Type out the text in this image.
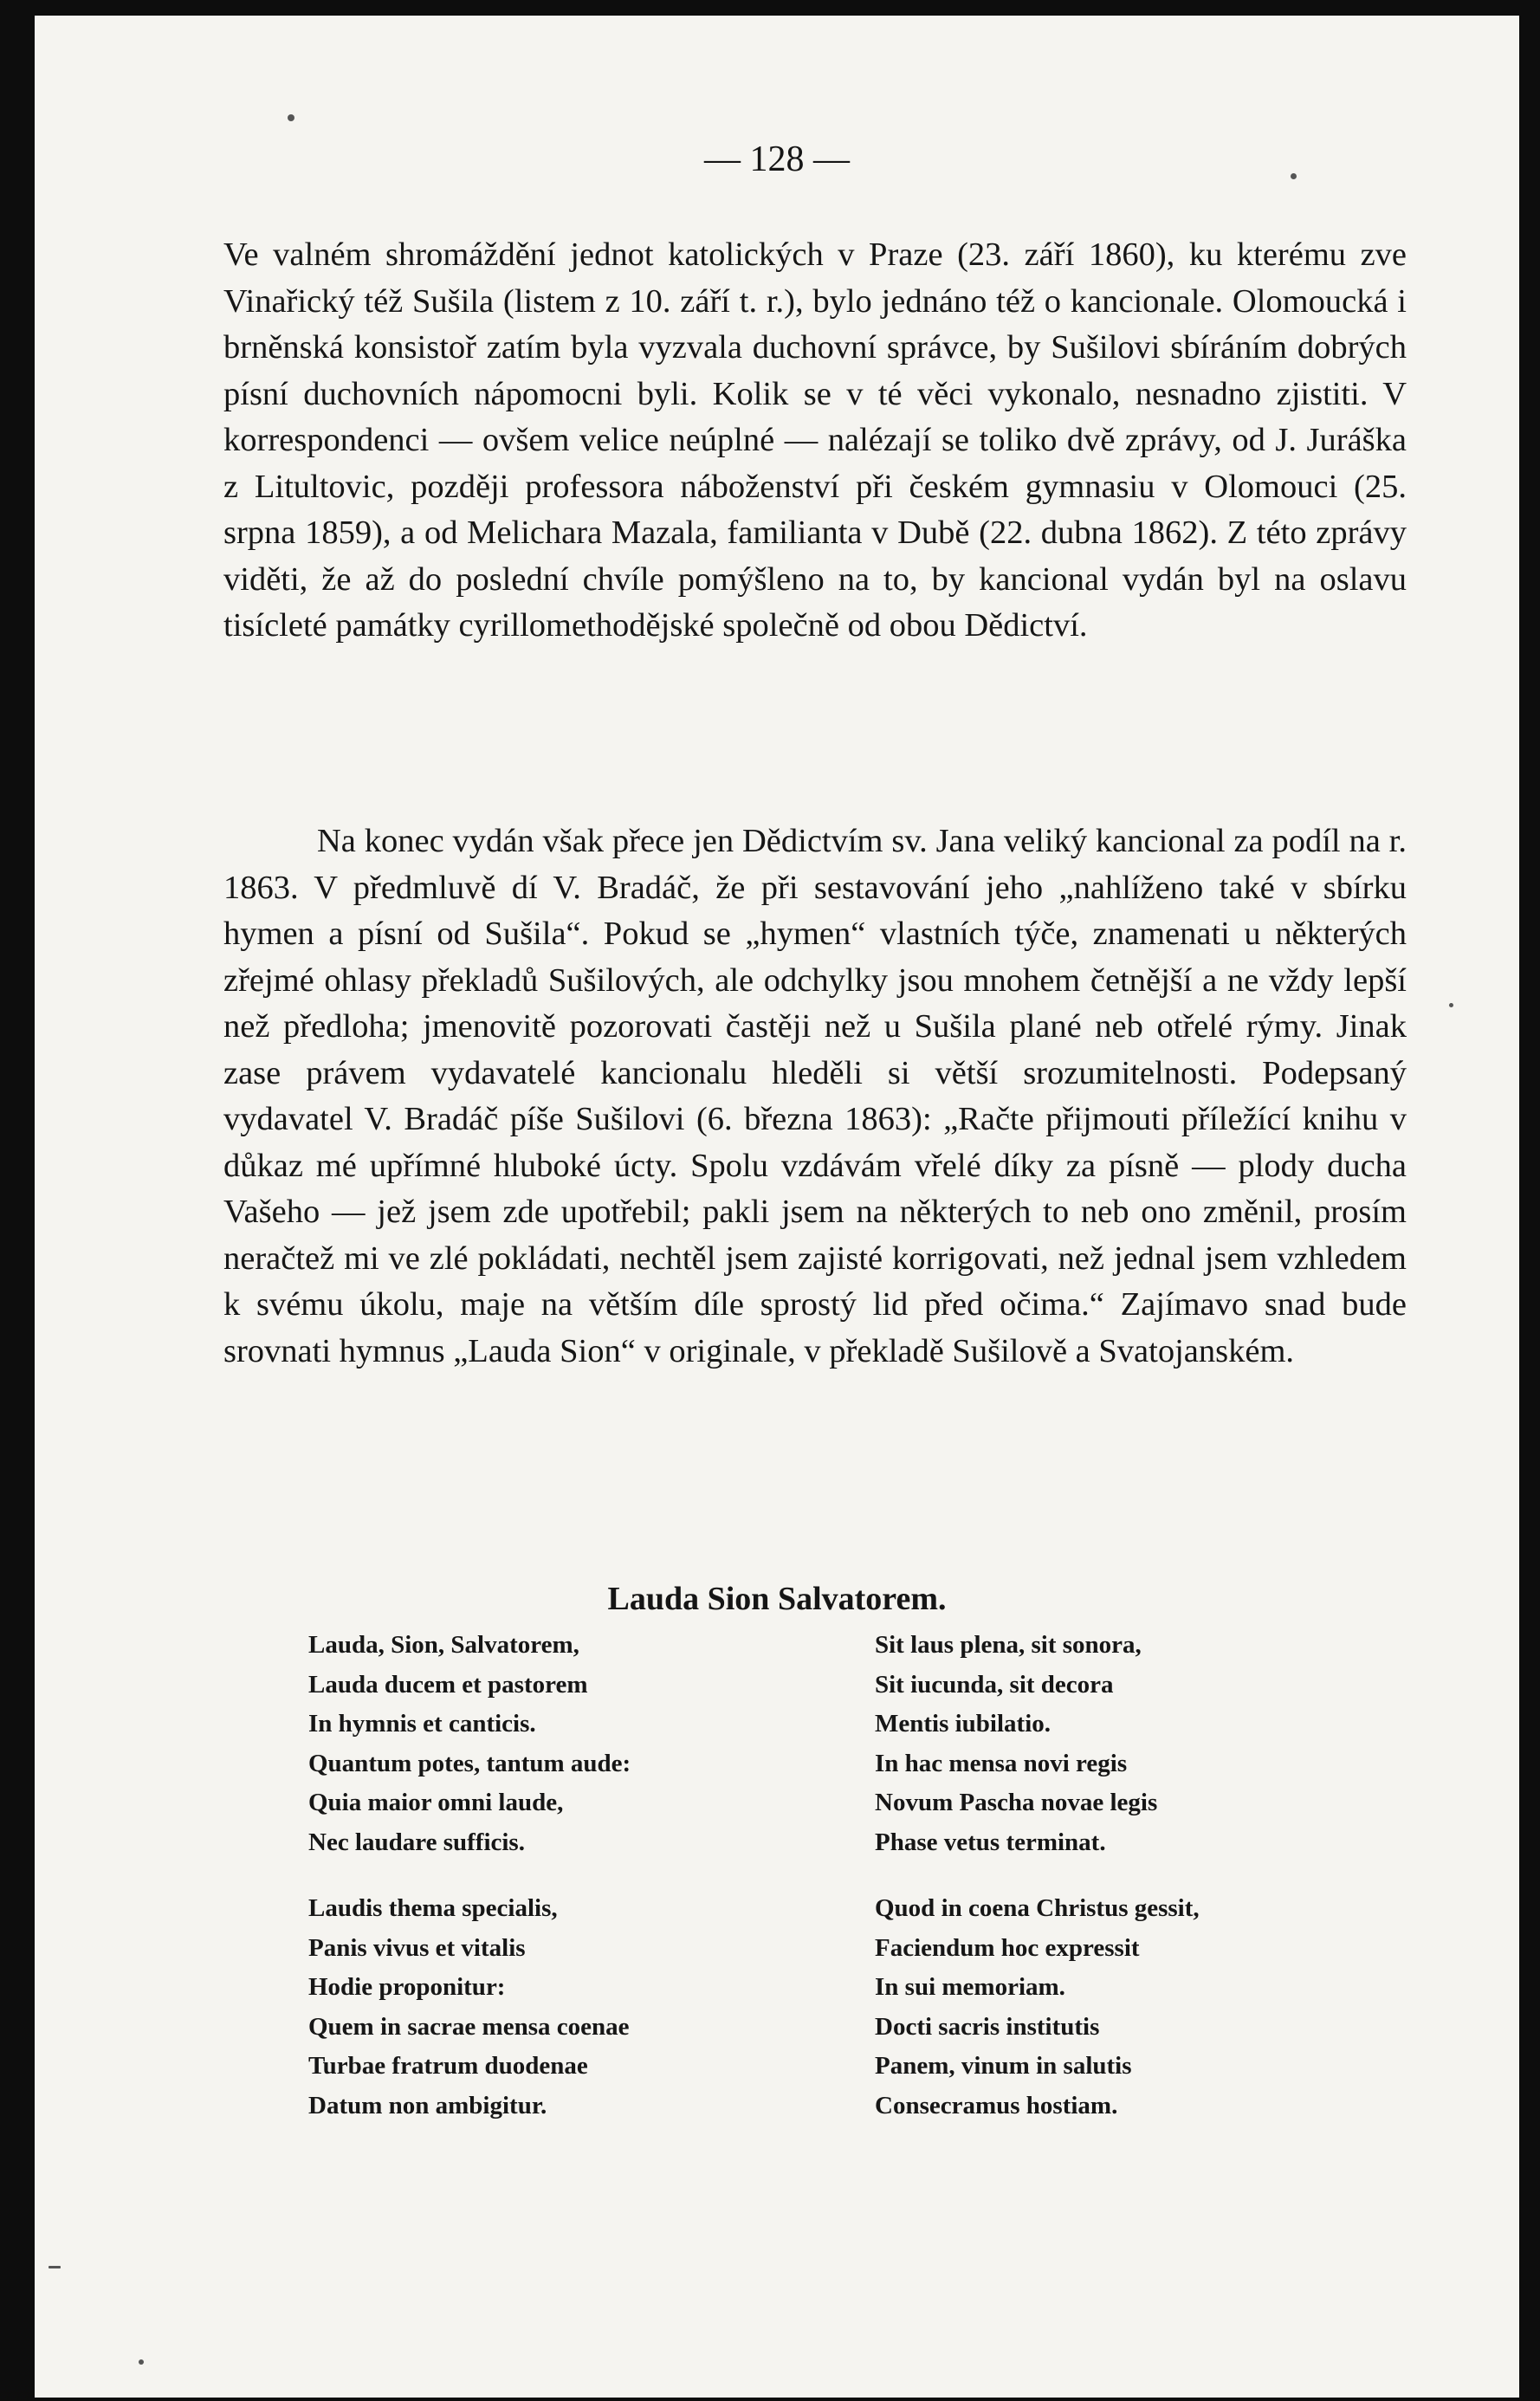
— 128 —

Ve valném shromáždění jednot katolických v Praze (23. září 1860), ku kterému zve Vinařický též Sušila (listem z 10. září t. r.), bylo jednáno též o kancionale. Olomoucká i brněnská konsistoř zatím byla vyzvala duchovní správce, by Sušilovi sbíráním dobrých písní duchovních nápomocni byli. Kolik se v té věci vykonalo, nesnadno zjistiti. V korrespondenci — ovšem velice neúplné — nalézají se toliko dvě zprávy, od J. Juráška z Litultovic, později professora náboženství při českém gymnasiu v Olomouci (25. srpna 1859), a od Melichara Mazala, familianta v Dubě (22. dubna 1862). Z této zprávy viděti, že až do poslední chvíle pomýšleno na to, by kancional vydán byl na oslavu tisícleté památky cyrillomethodějské společně od obou Dědictví.

Na konec vydán však přece jen Dědictvím sv. Jana veliký kancional za podíl na r. 1863. V předmluvě dí V. Bradáč, že při sestavování jeho „nahlíženo také v sbírku hymen a písní od Sušila“. Pokud se „hymen“ vlastních týče, znamenati u některých zřejmé ohlasy překladů Sušilových, ale odchylky jsou mnohem četnější a ne vždy lepší než předloha; jmenovitě pozorovati častěji než u Sušila plané neb otřelé rýmy. Jinak zase právem vydavatelé kancionalu hleděli si větší srozumitelnosti. Podepsaný vydavatel V. Bradáč píše Sušilovi (6. března 1863): „Račte přijmouti příležící knihu v důkaz mé upřímné hluboké úcty. Spolu vzdávám vřelé díky za písně — plody ducha Vašeho — jež jsem zde upotřebil; pakli jsem na některých to neb ono změnil, prosím neračtež mi ve zlé pokládati, nechtěl jsem zajisté korrigovati, než jednal jsem vzhledem k svému úkolu, maje na větším díle sprostý lid před očima.“ Zajímavo snad bude srovnati hymnus „Lauda Sion“ v originale, v překladě Sušilově a Svatojanském.

Lauda Sion Salvatorem.
Lauda, Sion, Salvatorem,
Lauda ducem et pastorem
In hymnis et canticis.
Quantum potes, tantum aude:
Quia maior omni laude,
Nec laudare sufficis.
Sit laus plena, sit sonora,
Sit iucunda, sit decora
Mentis iubilatio.
In hac mensa novi regis
Novum Pascha novae legis
Phase vetus terminat.
Laudis thema specialis,
Panis vivus et vitalis
Hodie proponitur:
Quem in sacrae mensa coenae
Turbae fratrum duodenae
Datum non ambigitur.
Quod in coena Christus gessit,
Faciendum hoc expressit
In sui memoriam.
Docti sacris institutis
Panem, vinum in salutis
Consecramus hostiam.
